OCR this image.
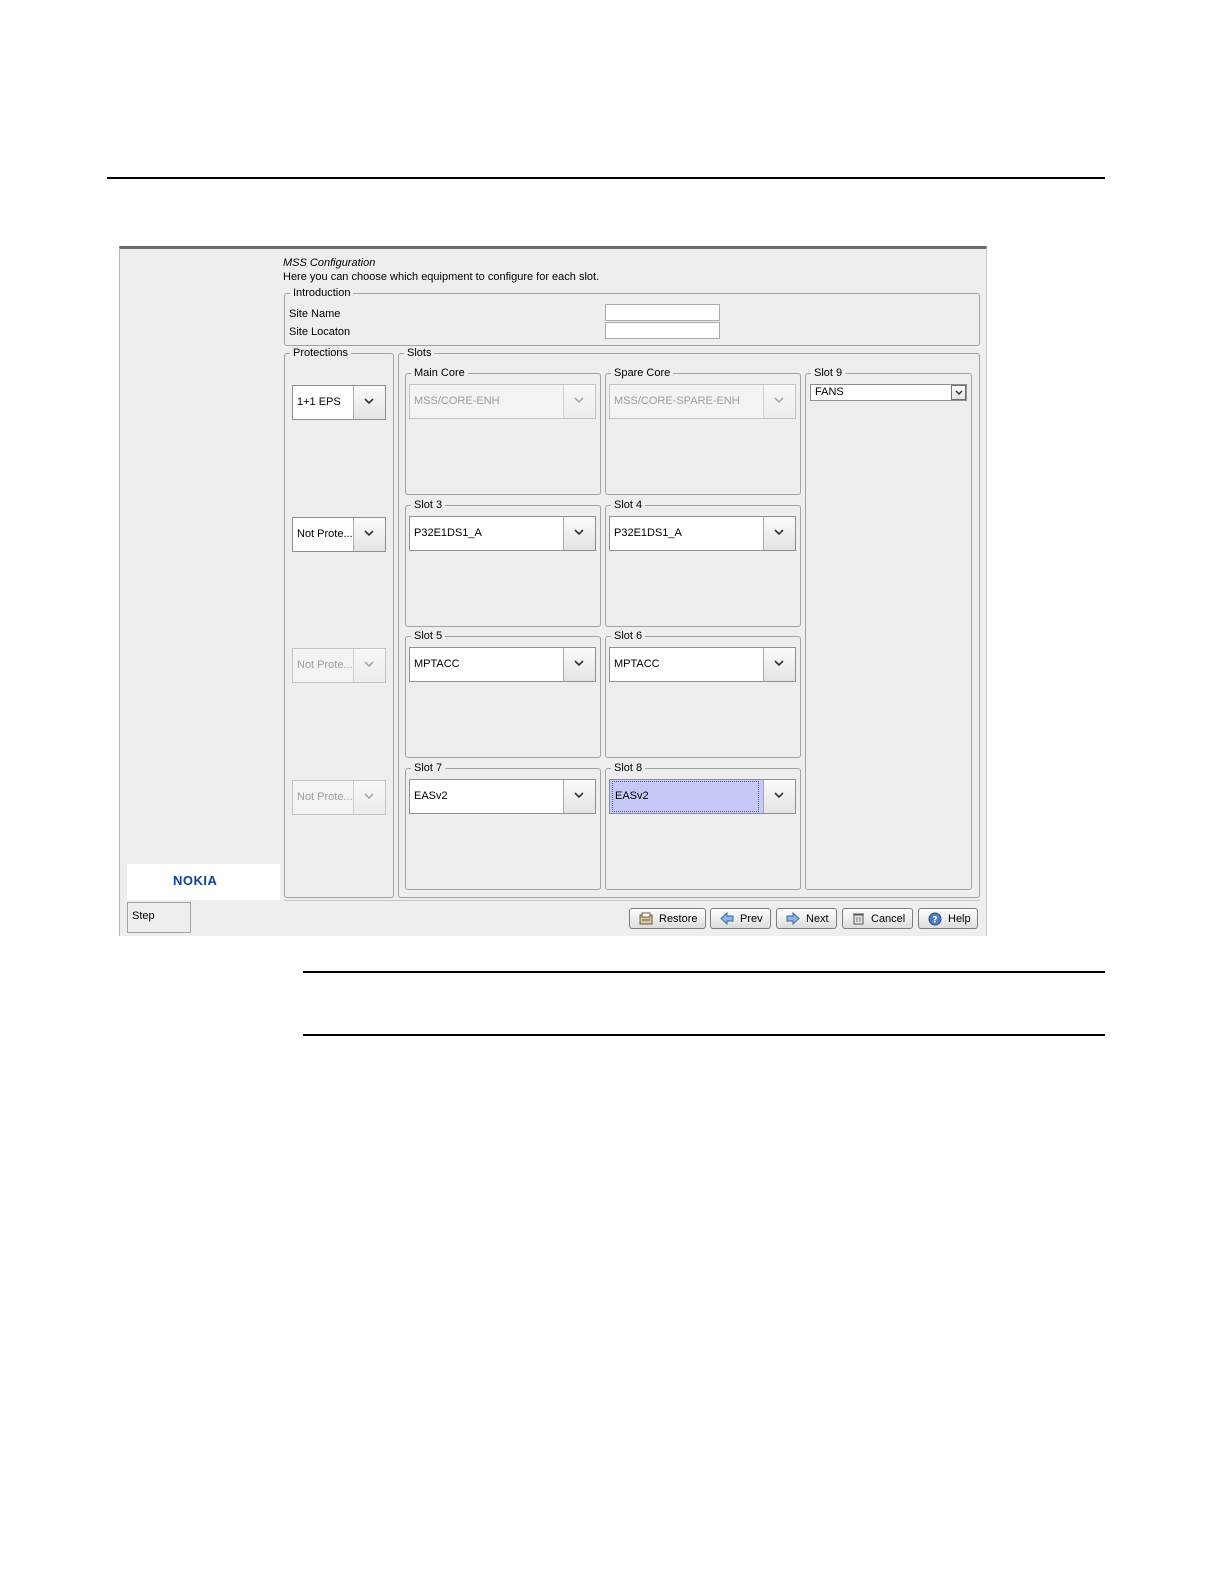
NOKIA
Step
MSS Configuration
Here you can choose which equipment to configure for each slot.
Introduction
Site Name
Site Locaton
Protections
1+1 EPS
Not Prote...
Not Prote...
Not Prote...
Slots
Main Core
MSS/CORE-ENH
Spare Core
MSS/CORE-SPARE-ENH
Slot 3
P32E1DS1_A
Slot 4
P32E1DS1_A
Slot 5
MPTACC
Slot 6
MPTACC
Slot 7
EASv2
Slot 8
EASv2
Slot 9
FANS
Restore	Prev	Next	Cancel	? Help
